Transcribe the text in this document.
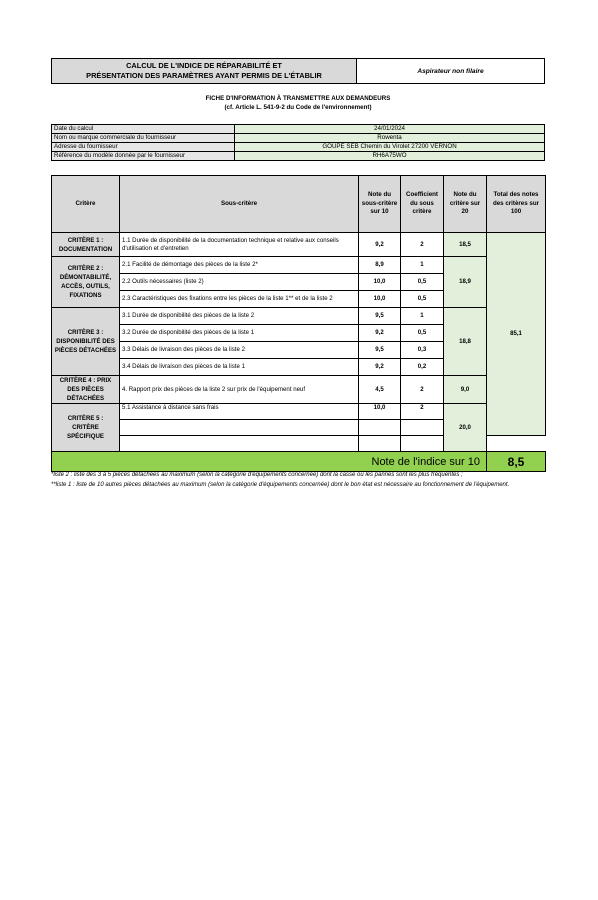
CALCUL DE L'INDICE DE RÉPARABILITÉ ET
PRÉSENTATION DES PARAMÈTRES AYANT PERMIS DE L'ÉTABLIR	Aspirateur non filaire
FICHE D'INFORMATION À TRANSMETTRE AUX DEMANDEURS
(cf. Article L. 541-9-2 du Code de l'environnement)
Date du calcul	24/01/2024
Nom ou marque commerciale du fournisseur	Rowenta
Adresse du fournisseur	GOUPE SEB Chemin du Virolet 27200 VERNON
Référence du modèle donnée par le fournisseur	RH6A75WO
Critère	Sous-critère	Note du sous-critère sur 10	Coefficient du sous critère	Note du critère sur 20	Total des notes des critères sur 100
CRITÈRE 1 : DOCUMENTATION	1.1 Durée de disponibilité de la documentation technique et relative aux conseils d'utilisation et d'entretien	9,2	2	18,5	85,1
CRITÈRE 2 : DÉMONTABILITÉ, ACCÈS, OUTILS, FIXATIONS	2.1 Facilité de démontage des pièces de la liste 2*	8,9	1	18,9	
	2.2 Outils nécessaires (liste 2)	10,0	0,5		
	2.3 Caractéristiques des fixations entre les pièces de la liste 1** et de la liste 2	10,0	0,5		
CRITÈRE 3 : DISPONIBILITÉ DES PIÈCES DÉTACHÉES	3.1 Durée de disponibilité des pièces de la liste 2	9,5	1	18,8	
	3.2 Durée de disponibilité des pièces de la liste 1	9,2	0,5		
	3.3 Délais de livraison des pièces de la liste 2	9,5	0,3		
	3.4 Délais de livraison des pièces de la liste 1	9,2	0,2		
CRITÈRE 4 : PRIX DES PIÈCES DÉTACHÉES	4. Rapport prix des pièces de la liste 2 sur prix de l'équipement neuf	4,5	2	9,0	
CRITÈRE 5 : CRITÈRE SPÉCIFIQUE	5.1 Assistance à distance sans frais	10,0	2	20,0	

Note de l'indice sur 10					8,5
*liste 2 : liste des 3 à 5 pièces détachées au maximum (selon la catégorie d'équipements concernée) dont la casse ou les pannes sont les plus fréquentes ;
**liste 1 : liste de 10 autres pièces détachées au maximum (selon la catégorie d'équipements concernée) dont le bon état est nécessaire au fonctionnement de l'équipement.
